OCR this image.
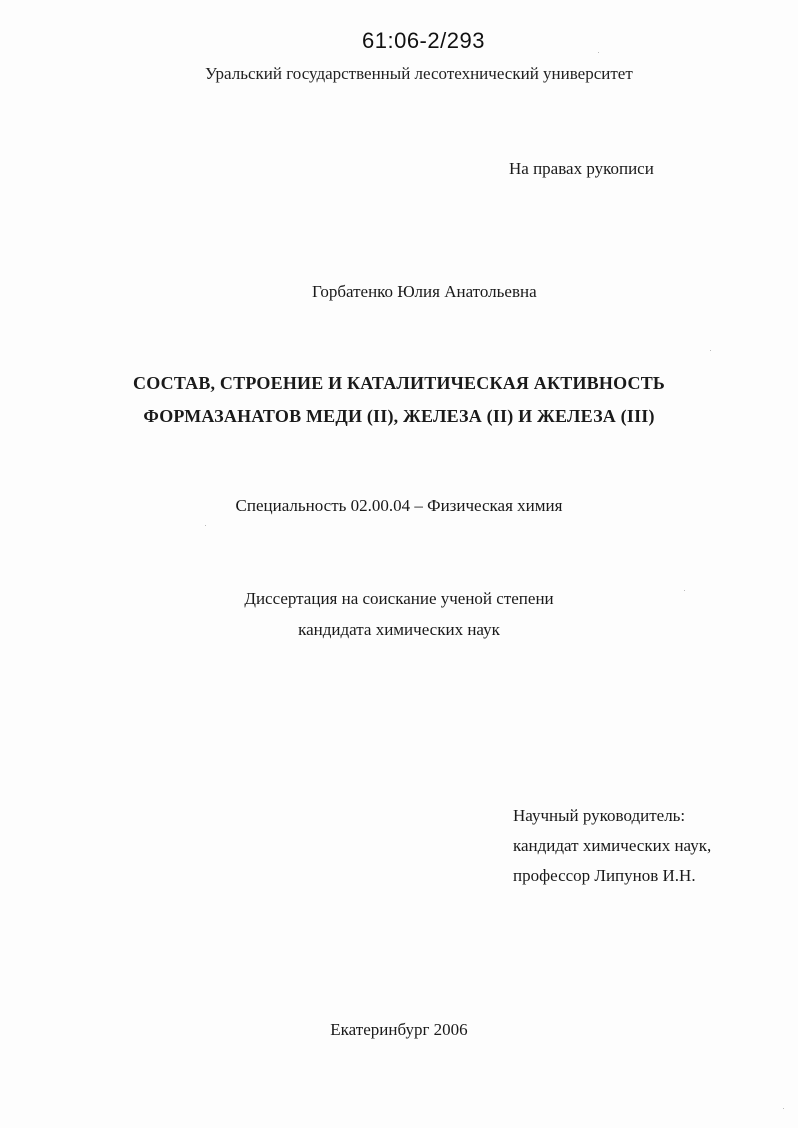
61:06-2/293
Уральский государственный лесотехнический университет
На правах рукописи
Горбатенко Юлия Анатольевна
СОСТАВ, СТРОЕНИЕ И КАТАЛИТИЧЕСКАЯ АКТИВНОСТЬ
ФОРМАЗАНАТОВ МЕДИ (II), ЖЕЛЕЗА (II) И ЖЕЛЕЗА (III)
Специальность 02.00.04 – Физическая химия
Диссертация на соискание ученой степени
кандидата химических наук
Научный руководитель:
кандидат химических наук,
профессор Липунов И.Н.
Екатеринбург 2006
